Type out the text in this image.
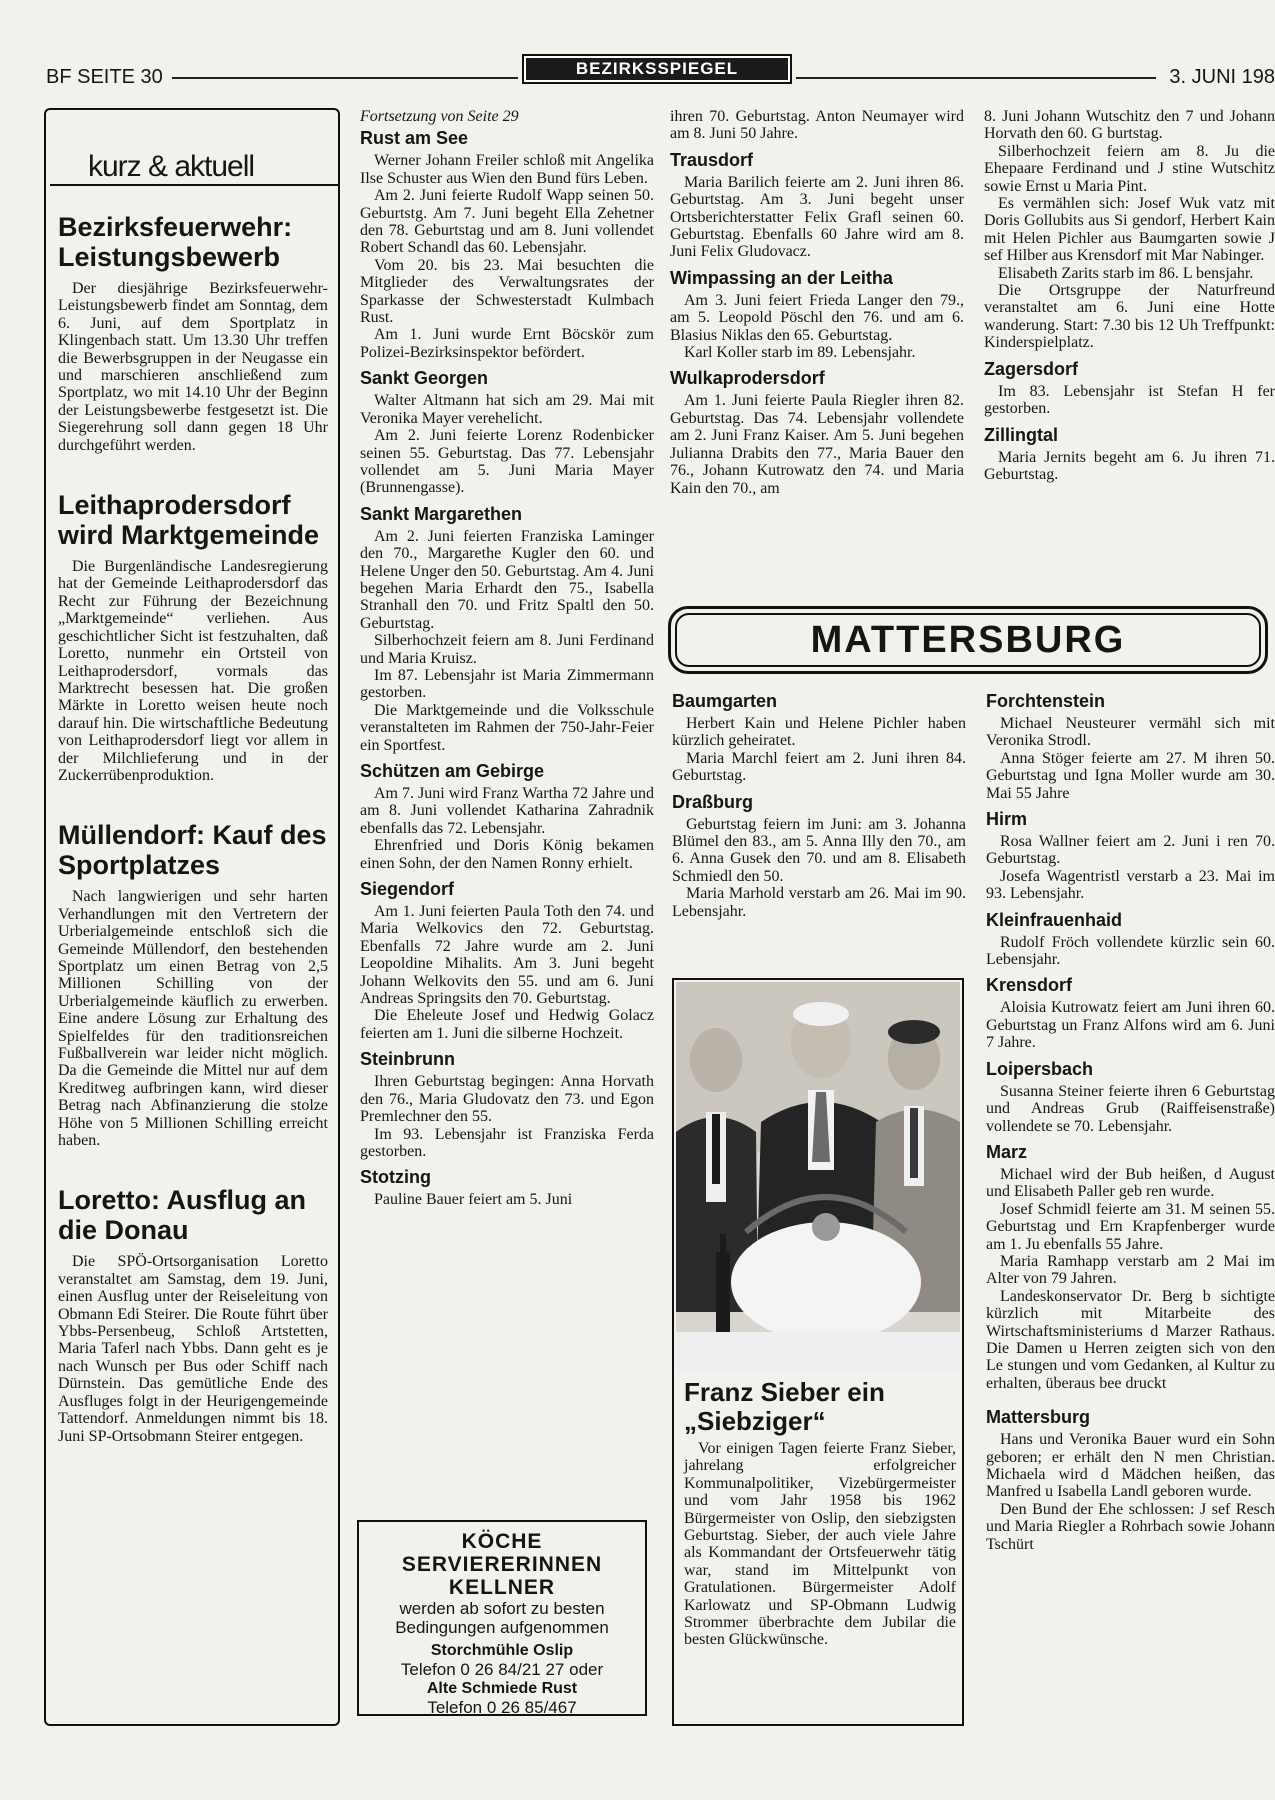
BF SEITE 30	BEZIRKSSPIEGEL	3. JUNI 198
kurz & aktuell
Bezirksfeuerwehr: Leistungsbewerb

Der diesjährige Bezirksfeuerwehr-Leistungsbewerb findet am Sonntag, dem 6. Juni, auf dem Sportplatz in Klingenbach statt. Um 13.30 Uhr treffen die Bewerbsgruppen in der Neugasse ein und marschieren anschließend zum Sportplatz, wo mit 14.10 Uhr der Beginn der Leistungsbewerbe festgesetzt ist. Die Siegerehrung soll dann gegen 18 Uhr durchgeführt werden.

Leithaprodersdorf wird Marktgemeinde

Die Burgenländische Landesregierung hat der Gemeinde Leithaprodersdorf das Recht zur Führung der Bezeichnung „Marktgemeinde“ verliehen. Aus geschichtlicher Sicht ist festzuhalten, daß Loretto, nunmehr ein Ortsteil von Leithaprodersdorf, vormals das Marktrecht besessen hat. Die großen Märkte in Loretto weisen heute noch darauf hin. Die wirtschaftliche Bedeutung von Leithaprodersdorf liegt vor allem in der Milchlieferung und in der Zuckerrübenproduktion.

Müllendorf: Kauf des Sportplatzes

Nach langwierigen und sehr harten Verhandlungen mit den Vertretern der Urberialgemeinde entschloß sich die Gemeinde Müllendorf, den bestehenden Sportplatz um einen Betrag von 2,5 Millionen Schilling von der Urberialgemeinde käuflich zu erwerben. Eine andere Lösung zur Erhaltung des Spielfeldes für den traditionsreichen Fußballverein war leider nicht möglich. Da die Gemeinde die Mittel nur auf dem Kreditweg aufbringen kann, wird dieser Betrag nach Abfinanzierung die stolze Höhe von 5 Millionen Schilling erreicht haben.

Loretto: Ausflug an die Donau

Die SPÖ-Ortsorganisation Loretto veranstaltet am Samstag, dem 19. Juni, einen Ausflug unter der Reiseleitung von Obmann Edi Steirer. Die Route führt über Ybbs-Persenbeug, Schloß Artstetten, Maria Taferl nach Ybbs. Dann geht es je nach Wunsch per Bus oder Schiff nach Dürnstein. Das gemütliche Ende des Ausfluges folgt in der Heurigengemeinde Tattendorf. Anmeldungen nimmt bis 18. Juni SP-Ortsobmann Steirer entgegen.

Fortsetzung von Seite 29

Rust am See

Werner Johann Freiler schloß mit Angelika Ilse Schuster aus Wien den Bund fürs Leben.

Am 2. Juni feierte Rudolf Wapp seinen 50. Geburtstg. Am 7. Juni begeht Ella Zehetner den 78. Geburtstag und am 8. Juni vollendet Robert Schandl das 60. Lebensjahr.

Vom 20. bis 23. Mai besuchten die Mitglieder des Verwaltungsrates der Sparkasse der Schwesterstadt Kulmbach Rust.

Am 1. Juni wurde Ernt Böcskör zum Polizei-Bezirksinspektor befördert.

Sankt Georgen

Walter Altmann hat sich am 29. Mai mit Veronika Mayer verehelicht.

Am 2. Juni feierte Lorenz Rodenbicker seinen 55. Geburtstag. Das 77. Lebensjahr vollendet am 5. Juni Maria Mayer (Brunnengasse).

Sankt Margarethen

Am 2. Juni feierten Franziska Laminger den 70., Margarethe Kugler den 60. und Helene Unger den 50. Geburtstag. Am 4. Juni begehen Maria Erhardt den 75., Isabella Stranhall den 70. und Fritz Spaltl den 50. Geburtstag.

Silberhochzeit feiern am 8. Juni Ferdinand und Maria Kruisz.

Im 87. Lebensjahr ist Maria Zimmermann gestorben.

Die Marktgemeinde und die Volksschule veranstalteten im Rahmen der 750-Jahr-Feier ein Sportfest.

Schützen am Gebirge

Am 7. Juni wird Franz Wartha 72 Jahre und am 8. Juni vollendet Katharina Zahradnik ebenfalls das 72. Lebensjahr.

Ehrenfried und Doris König bekamen einen Sohn, der den Namen Ronny erhielt.

Siegendorf

Am 1. Juni feierten Paula Toth den 74. und Maria Welkovics den 72. Geburtstag. Ebenfalls 72 Jahre wurde am 2. Juni Leopoldine Mihalits. Am 3. Juni begeht Johann Welkovits den 55. und am 6. Juni Andreas Springsits den 70. Geburtstag.

Die Eheleute Josef und Hedwig Golacz feierten am 1. Juni die silberne Hochzeit.

Steinbrunn

Ihren Geburtstag begingen: Anna Horvath den 76., Maria Gludovatz den 73. und Egon Premlechner den 55.

Im 93. Lebensjahr ist Franziska Ferda gestorben.

Stotzing

Pauline Bauer feiert am 5. Juni

KÖCHE
SERVIERERINNEN
KELLNER
werden ab sofort zu besten
Bedingungen aufgenommen
Storchmühle Oslip
Telefon 0 26 84/21 27 oder
Alte Schmiede Rust
Telefon 0 26 85/467

ihren 70. Geburtstag. Anton Neumayer wird am 8. Juni 50 Jahre.

Trausdorf

Maria Barilich feierte am 2. Juni ihren 86. Geburtstag. Am 3. Juni begeht unser Ortsberichterstatter Felix Grafl seinen 60. Geburtstag. Ebenfalls 60 Jahre wird am 8. Juni Felix Gludovacz.

Wimpassing an der Leitha

Am 3. Juni feiert Frieda Langer den 79., am 5. Leopold Pöschl den 76. und am 6. Blasius Niklas den 65. Geburtstag.

Karl Koller starb im 89. Lebensjahr.

Wulkaprodersdorf

Am 1. Juni feierte Paula Riegler ihren 82. Geburtstag. Das 74. Lebensjahr vollendete am 2. Juni Franz Kaiser. Am 5. Juni begehen Julianna Drabits den 77., Maria Bauer den 76., Johann Kutrowatz den 74. und Maria Kain den 70., am

8. Juni Johann Wutschitz den 7 und Johann Horvath den 60. G burtstag.

Silberhochzeit feiern am 8. Ju die Ehepaare Ferdinand und J stine Wutschitz sowie Ernst u Maria Pint.

Es vermählen sich: Josef Wuk vatz mit Doris Gollubits aus Si gendorf, Herbert Kain mit Helen Pichler aus Baumgarten sowie J sef Hilber aus Krensdorf mit Mar Nabinger.

Elisabeth Zarits starb im 86. L bensjahr.

Die Ortsgruppe der Naturfreund veranstaltet am 6. Juni eine Hotte wanderung. Start: 7.30 bis 12 Uh Treffpunkt: Kinderspielplatz.

Zagersdorf

Im 83. Lebensjahr ist Stefan H fer gestorben.

Zillingtal

Maria Jernits begeht am 6. Ju ihren 71. Geburtstag.

MATTERSBURG
Baumgarten

Herbert Kain und Helene Pichler haben kürzlich geheiratet.

Maria Marchl feiert am 2. Juni ihren 84. Geburtstag.

Draßburg

Geburtstag feiern im Juni: am 3. Johanna Blümel den 83., am 5. Anna Illy den 70., am 6. Anna Gusek den 70. und am 8. Elisabeth Schmiedl den 50.

Maria Marhold verstarb am 26. Mai im 90. Lebensjahr.

Franz Sieber ein „Siebziger“

Vor einigen Tagen feierte Franz Sieber, jahrelang erfolgreicher Kommunalpolitiker, Vizebürgermeister und vom Jahr 1958 bis 1962 Bürgermeister von Oslip, den siebzigsten Geburtstag. Sieber, der auch viele Jahre als Kommandant der Ortsfeuerwehr tätig war, stand im Mittelpunkt von Gratulationen. Bürgermeister Adolf Karlowatz und SP-Obmann Ludwig Strommer überbrachte dem Jubilar die besten Glückwünsche.

Forchtenstein

Michael Neusteurer vermähl sich mit Veronika Strodl.

Anna Stöger feierte am 27. M ihren 50. Geburtstag und Igna Moller wurde am 30. Mai 55 Jahre

Hirm

Rosa Wallner feiert am 2. Juni i ren 70. Geburtstag.

Josefa Wagentristl verstarb a 23. Mai im 93. Lebensjahr.

Kleinfrauenhaid

Rudolf Fröch vollendete kürzlic sein 60. Lebensjahr.

Krensdorf

Aloisia Kutrowatz feiert am Juni ihren 60. Geburtstag un Franz Alfons wird am 6. Juni 7 Jahre.

Loipersbach

Susanna Steiner feierte ihren 6 Geburtstag und Andreas Grub (Raiffeisenstraße) vollendete se 70. Lebensjahr.

Marz

Michael wird der Bub heißen, d August und Elisabeth Paller geb ren wurde.

Josef Schmidl feierte am 31. M seinen 55. Geburtstag und Ern Krapfenberger wurde am 1. Ju ebenfalls 55 Jahre.

Maria Ramhapp verstarb am 2 Mai im Alter von 79 Jahren.

Landeskonservator Dr. Berg b sichtigte kürzlich mit Mitarbeite des Wirtschaftsministeriums d Marzer Rathaus. Die Damen u Herren zeigten sich von den Le stungen und vom Gedanken, al Kultur zu erhalten, überaus bee druckt

Mattersburg

Hans und Veronika Bauer wurd ein Sohn geboren; er erhält den N men Christian. Michaela wird d Mädchen heißen, das Manfred u Isabella Landl geboren wurde.

Den Bund der Ehe schlossen: J sef Resch und Maria Riegler a Rohrbach sowie Johann Tschürt
